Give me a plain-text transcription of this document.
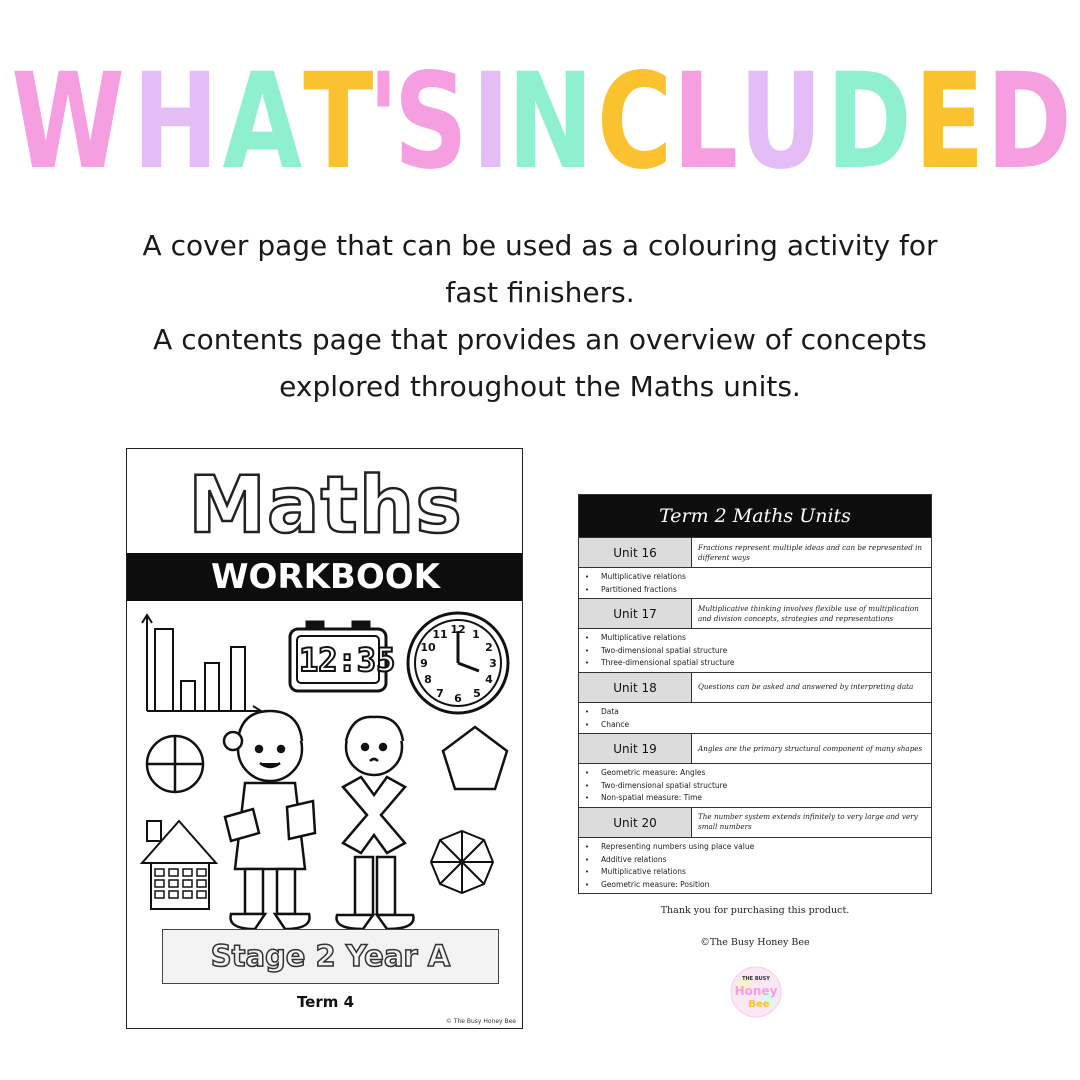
W H A T
'
S I
N C
L U D E D
A cover page that can be used as a colouring activity for
fast finishers.
A contents page that provides an overview of concepts
explored throughout the Maths units.
12 1
2
3
4
5
6
7
8
9
10
11
Maths
WORKBOOK
12:35
Stage 2 Year A
Term 4
© The Busy Honey Bee
Term 2 Maths Units
Unit 16	Fractions represent multiple ideas and can be represented in different ways
• Multiplicative relations
• Partitioned fractions
Unit 17	Multiplicative thinking involves flexible use of multiplication and division concepts, strategies and representations
• Multiplicative relations
• Two-dimensional spatial structure
• Three-dimensional spatial structure
Unit 18	Questions can be asked and answered by interpreting data
• Data
• Chance
Unit 19	Angles are the primary structural component of many shapes
• Geometric measure: Angles
• Two-dimensional spatial structure
• Non-spatial measure: Time
Unit 20	The number system extends infinitely to very large and very small numbers
• Representing numbers using place value
• Additive relations
• Multiplicative relations
• Geometric measure: Position
Thank you for purchasing this product.
©The Busy Honey Bee
THE BUSY
Honey
Bee
